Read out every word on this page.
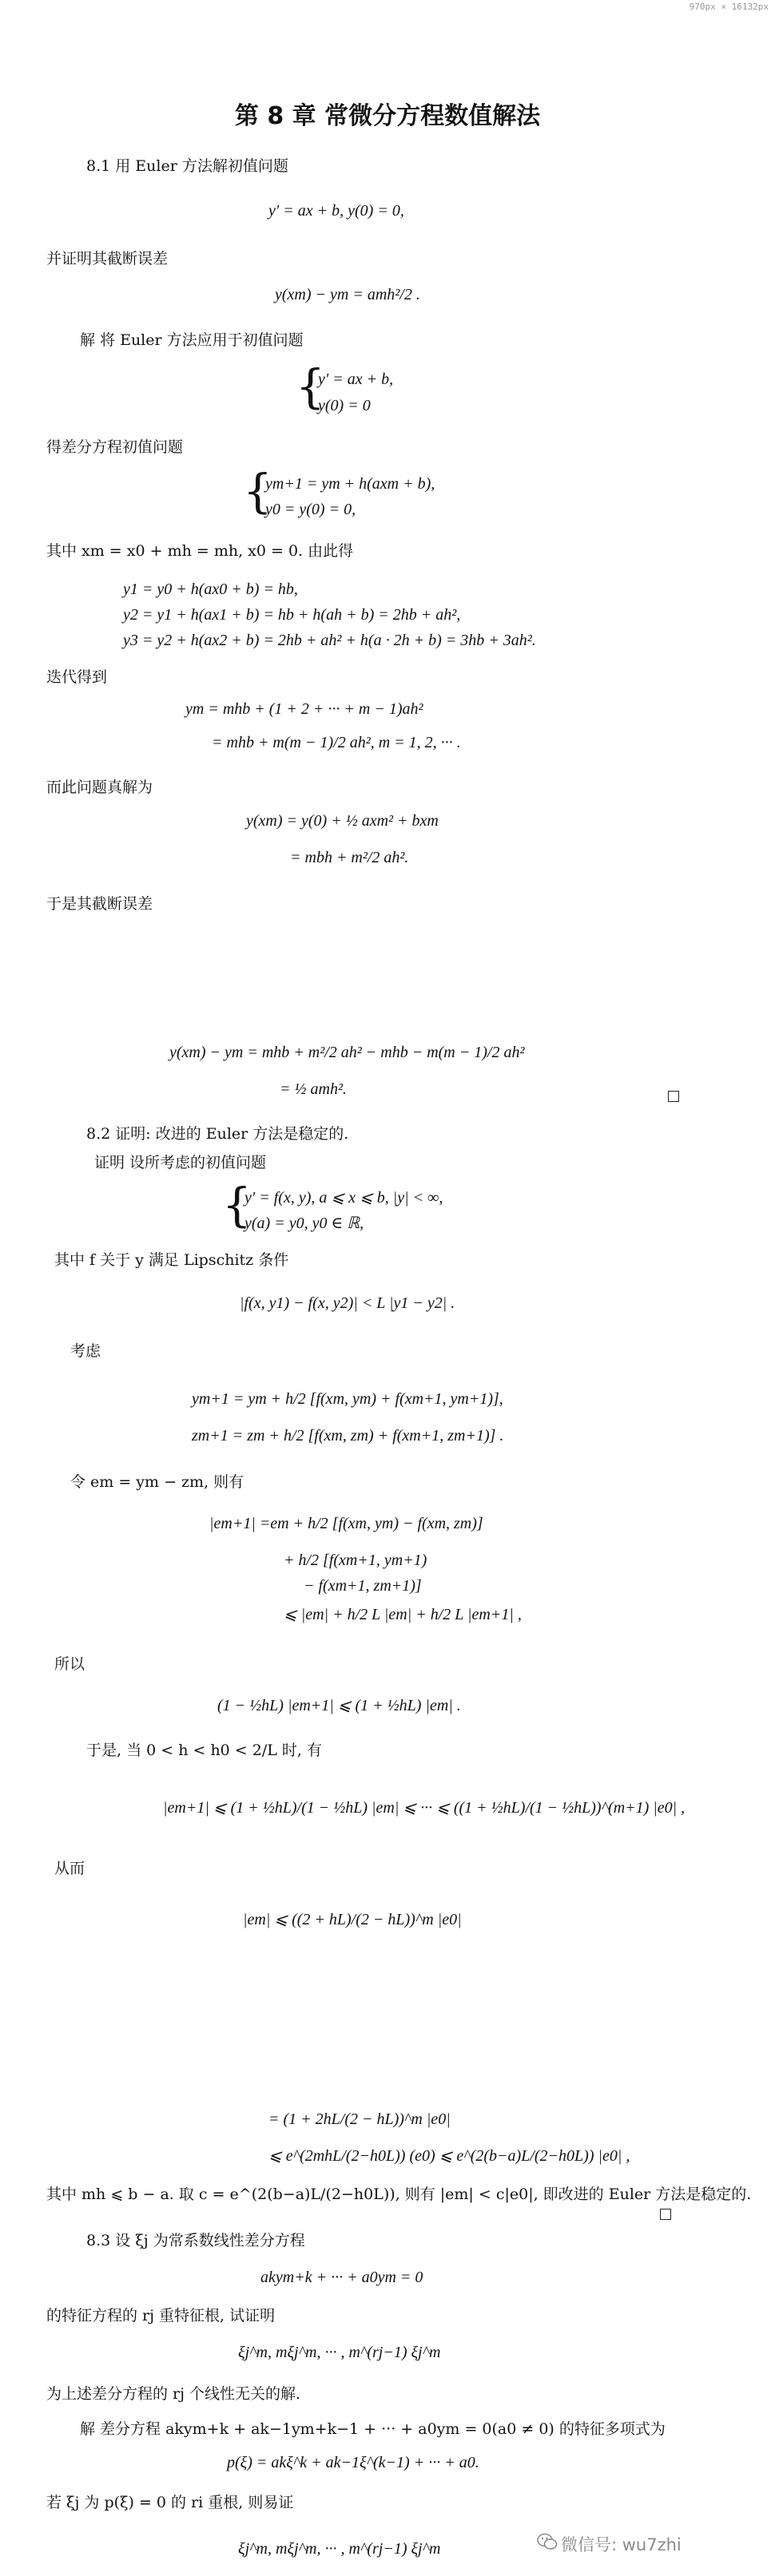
970px × 16132px
第 8 章 常微分方程数值解法
8.1 用 Euler 方法解初值问题
y′ = ax + b, y(0) = 0,
并证明其截断误差
y(xm) − ym = amh²/2 .
解 将 Euler 方法应用于初值问题
{
y′ = ax + b,
y(0) = 0
得差分方程初值问题
{
ym+1 = ym + h(axm + b),
y0 = y(0) = 0,
其中 xm = x0 + mh = mh, x0 = 0. 由此得
y1 = y0 + h(ax0 + b) = hb,
y2 = y1 + h(ax1 + b) = hb + h(ah + b) = 2hb + ah²,
y3 = y2 + h(ax2 + b) = 2hb + ah² + h(a · 2h + b) = 3hb + 3ah².
迭代得到
ym = mhb + (1 + 2 + ··· + m − 1)ah²
= mhb + m(m − 1)/2 ah², m = 1, 2, ··· .
而此问题真解为
y(xm) = y(0) + ½ axm² + bxm
= mbh + m²/2 ah².
于是其截断误差
y(xm) − ym = mhb + m²/2 ah² − mhb − m(m − 1)/2 ah²
= ½ amh².
8.2 证明: 改进的 Euler 方法是稳定的.
证明 设所考虑的初值问题
{
y′ = f(x, y), a ⩽ x ⩽ b, |y| < ∞,
y(a) = y0, y0 ∈ ℝ,
其中 f 关于 y 满足 Lipschitz 条件
|f(x, y1) − f(x, y2)| < L |y1 − y2| .
考虑
ym+1 = ym + h/2 [f(xm, ym) + f(xm+1, ym+1)],
zm+1 = zm + h/2 [f(xm, zm) + f(xm+1, zm+1)] .
令 em = ym − zm, 则有
|em+1| =em + h/2 [f(xm, ym) − f(xm, zm)]
+ h/2 [f(xm+1, ym+1)
− f(xm+1, zm+1)]
⩽ |em| + h/2 L |em| + h/2 L |em+1| ,
所以
(1 − ½hL) |em+1| ⩽ (1 + ½hL) |em| .
于是, 当 0 < h < h0 < 2/L 时, 有
|em+1| ⩽ (1 + ½hL)/(1 − ½hL) |em| ⩽ ··· ⩽ ((1 + ½hL)/(1 − ½hL))^(m+1) |e0| ,
从而
|em| ⩽ ((2 + hL)/(2 − hL))^m |e0|
= (1 + 2hL/(2 − hL))^m |e0|
⩽ e^(2mhL/(2−h0L)) (e0) ⩽ e^(2(b−a)L/(2−h0L)) |e0| ,
其中 mh ⩽ b − a. 取 c = e^(2(b−a)L/(2−h0L)), 则有 |em| < c|e0|, 即改进的 Euler 方法是稳定的.
8.3 设 ξj 为常系数线性差分方程
akym+k + ··· + a0ym = 0
的特征方程的 rj 重特征根, 试证明
ξj^m, mξj^m, ··· , m^(rj−1) ξj^m
为上述差分方程的 rj 个线性无关的解.
解 差分方程 akym+k + ak−1ym+k−1 + ··· + a0ym = 0(a0 ≠ 0) 的特征多项式为
p(ξ) = akξ^k + ak−1ξ^(k−1) + ··· + a0.
若 ξj 为 p(ξ) = 0 的 ri 重根, 则易证
ξj^m, mξj^m, ··· , m^(rj−1) ξj^m	微信号: wu7zhi
